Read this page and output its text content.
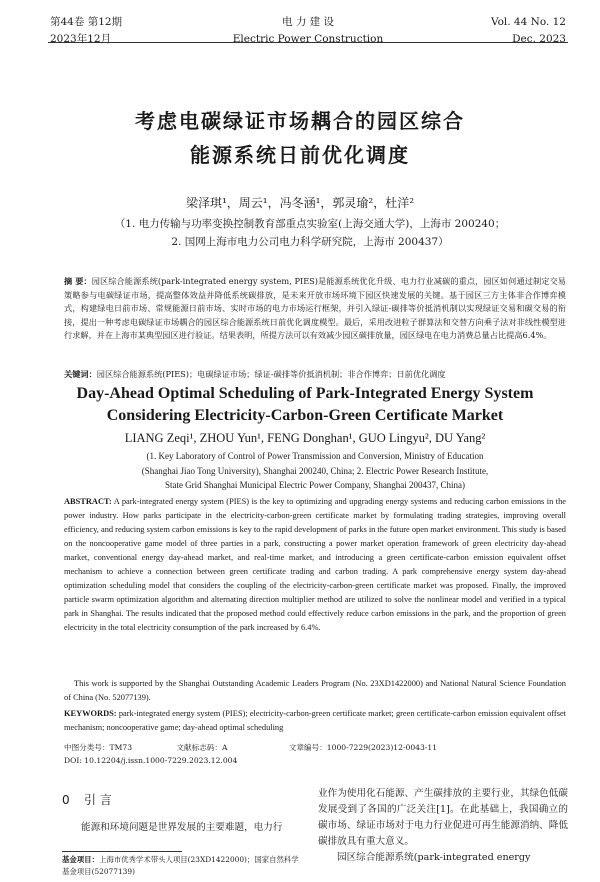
第44卷 第12期
2023年12月
电 力 建 设
Electric Power Construction
Vol. 44 No. 12
Dec. 2023
考虑电碳绿证市场耦合的园区综合
能源系统日前优化调度
梁泽琪¹，周云¹，冯冬涵¹，郭灵瑜²，杜洋²
（1. 电力传输与功率变换控制教育部重点实验室(上海交通大学)，上海市 200240；
2. 国网上海市电力公司电力科学研究院，上海市 200437）
摘 要：园区综合能源系统(park-integrated energy system, PIES)是能源系统优化升级、电力行业减碳的重点，园区如何通过制定交易策略参与电碳绿证市场，提高整体效益并降低系统碳排放，是未来开放市场环境下园区快速发展的关键。基于园区三方主体非合作博弈模式，构建绿电日前市场、常规能源日前市场、实时市场的电力市场运行框架，并引入绿证-碳排等价抵消机制以实现绿证交易和碳交易的衔接，提出一种考虑电碳绿证市场耦合的园区综合能源系统日前优化调度模型。最后，采用改进粒子群算法和交替方向乘子法对非线性模型进行求解，并在上海市某典型园区进行验证。结果表明，所提方法可以有效减少园区碳排放量，园区绿电在电力消费总量占比提高6.4%。
关键词：园区综合能源系统(PIES)；电碳绿证市场；绿证-碳排等价抵消机制；非合作博弈；日前优化调度
Day-Ahead Optimal Scheduling of Park-Integrated Energy System
Considering Electricity-Carbon-Green Certificate Market
LIANG Zeqi¹, ZHOU Yun¹, FENG Donghan¹, GUO Lingyu², DU Yang²
(1. Key Laboratory of Control of Power Transmission and Conversion, Ministry of Education
(Shanghai Jiao Tong University), Shanghai 200240, China; 2. Electric Power Research Institute,
State Grid Shanghai Municipal Electric Power Company, Shanghai 200437, China)
ABSTRACT: A park-integrated energy system (PIES) is the key to optimizing and upgrading energy systems and reducing carbon emissions in the power industry. How parks participate in the electricity-carbon-green certificate market by formulating trading strategies, improving overall efficiency, and reducing system carbon emissions is key to the rapid development of parks in the future open market environment. This study is based on the noncooperative game model of three parties in a park, constructing a power market operation framework of green electricity day-ahead market, conventional energy day-ahead market, and real-time market, and introducing a green certificate-carbon emission equivalent offset mechanism to achieve a connection between green certificate trading and carbon trading. A park comprehensive energy system day-ahead optimization scheduling model that considers the coupling of the electricity-carbon-green certificate market was proposed. Finally, the improved particle swarm optimization algorithm and alternating direction multiplier method are utilized to solve the nonlinear model and verified in a typical park in Shanghai. The results indicated that the proposed method could effectively reduce carbon emissions in the park, and the proportion of green electricity in the total electricity consumption of the park increased by 6.4%.
This work is supported by the Shanghai Outstanding Academic Leaders Program (No. 23XD1422000) and National Natural Science Foundation of China (No. 52077139).
KEYWORDS: park-integrated energy system (PIES); electricity-carbon-green certificate market; green certificate-carbon emission equivalent offset mechanism; noncooperative game; day-ahead optimal scheduling
中图分类号：TM73	文献标志码：A	文章编号：1000-7229(2023)12-0043-11
DOI: 10.12204/j.issn.1000-7229.2023.12.004
0 引 言
能源和环境问题是世界发展的主要难题，电力行
业作为使用化石能源、产生碳排放的主要行业，其绿色低碳发展受到了各国的广泛关注[1]。在此基础上，我国确立的碳市场、绿证市场对于电力行业促进可再生能源消纳、降低碳排放具有重大意义。
园区综合能源系统(park-integrated energy
基金项目：上海市优秀学术带头人项目(23XD1422000)；国家自然科学基金项目(52077139)
